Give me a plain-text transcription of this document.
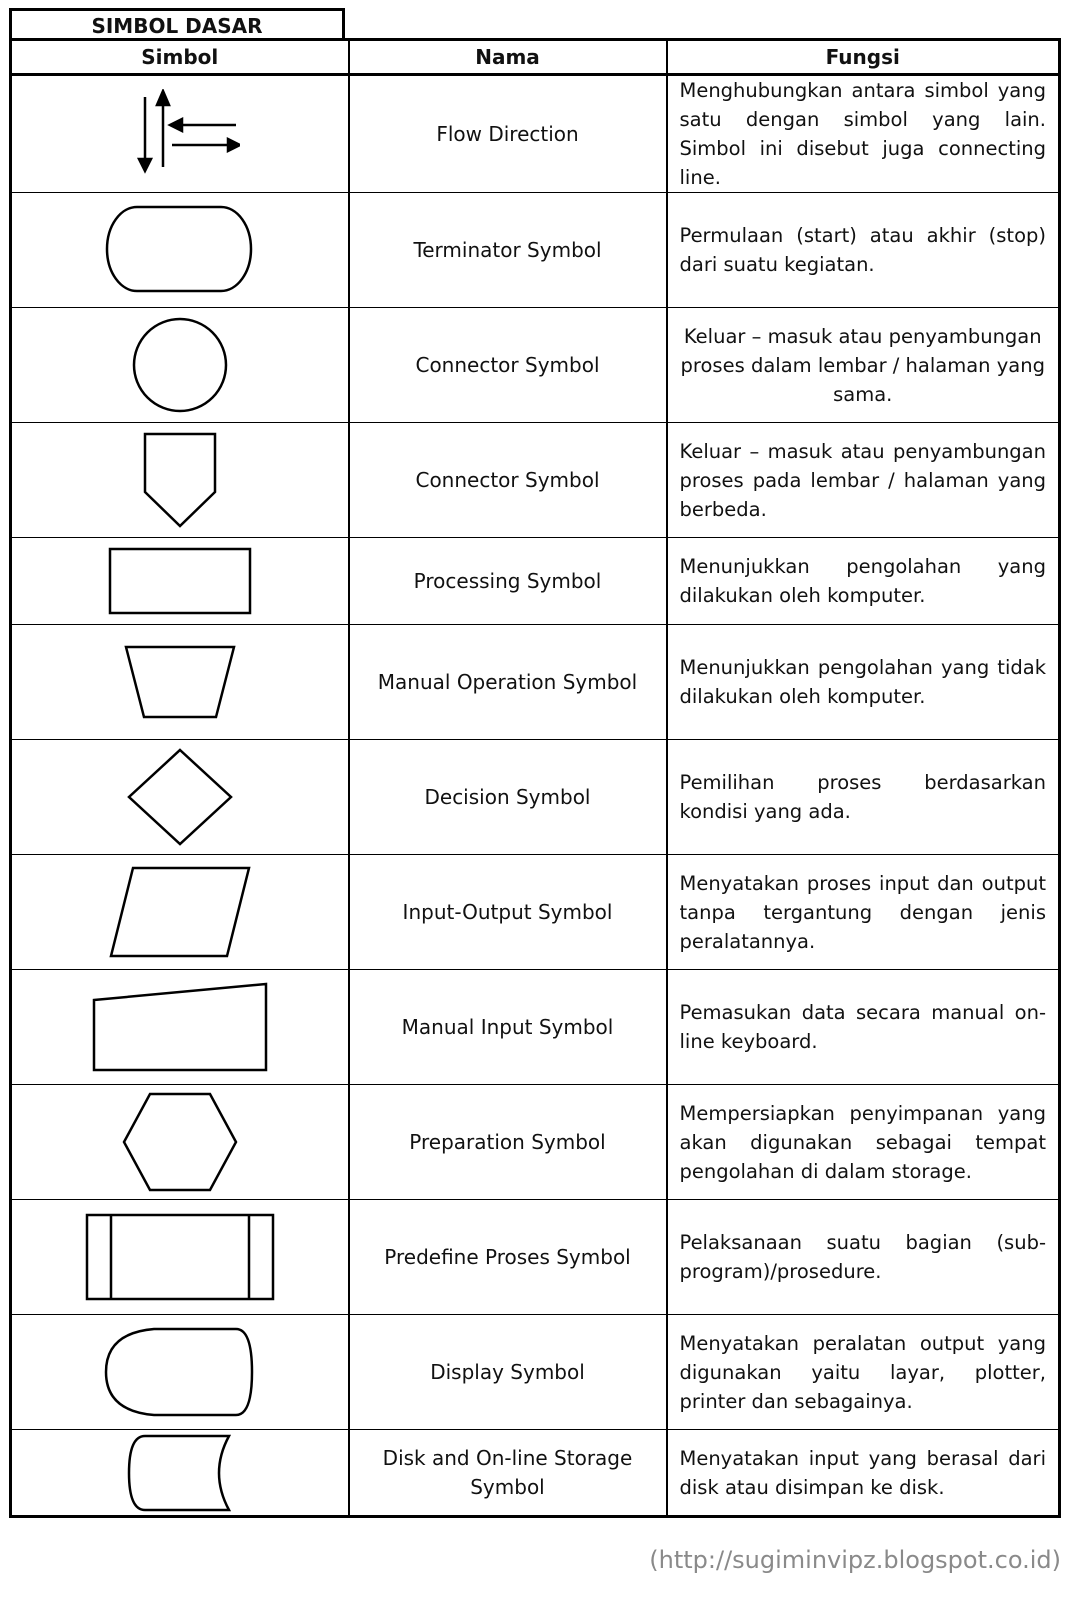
SIMBOL DASAR
Simbol	Nama	Fungsi

	Flow Direction	Menghubungkan antara simbol yang satu dengan simbol yang lain. Simbol ini disebut juga connecting line.

	Terminator Symbol	Permulaan (start) atau akhir (stop) dari suatu kegiatan.

	Connector Symbol	Keluar – masuk atau penyambungan proses dalam lembar / halaman yang sama.

	Connector Symbol	Keluar – masuk atau penyambungan proses pada lembar / halaman yang berbeda.

	Processing Symbol	Menunjukkan pengolahan yang dilakukan oleh komputer.

	Manual Operation Symbol	Menunjukkan pengolahan yang tidak dilakukan oleh komputer.

	Decision Symbol	Pemilihan proses berdasarkan kondisi yang ada.

	Input-Output Symbol	Menyatakan proses input dan output tanpa tergantung dengan jenis peralatannya.

	Manual Input Symbol	Pemasukan data secara manual on-line keyboard.

	Preparation Symbol	Mempersiapkan penyimpanan yang akan digunakan sebagai tempat pengolahan di dalam storage.

	Predefine Proses Symbol	Pelaksanaan suatu bagian (sub-program)/prosedure.

	Display Symbol	Menyatakan peralatan output yang digunakan yaitu layar, plotter, printer dan sebagainya.

	Disk and On-line Storage Symbol	Menyatakan input yang berasal dari disk atau disimpan ke disk.
(http://sugiminvipz.blogspot.co.id)
